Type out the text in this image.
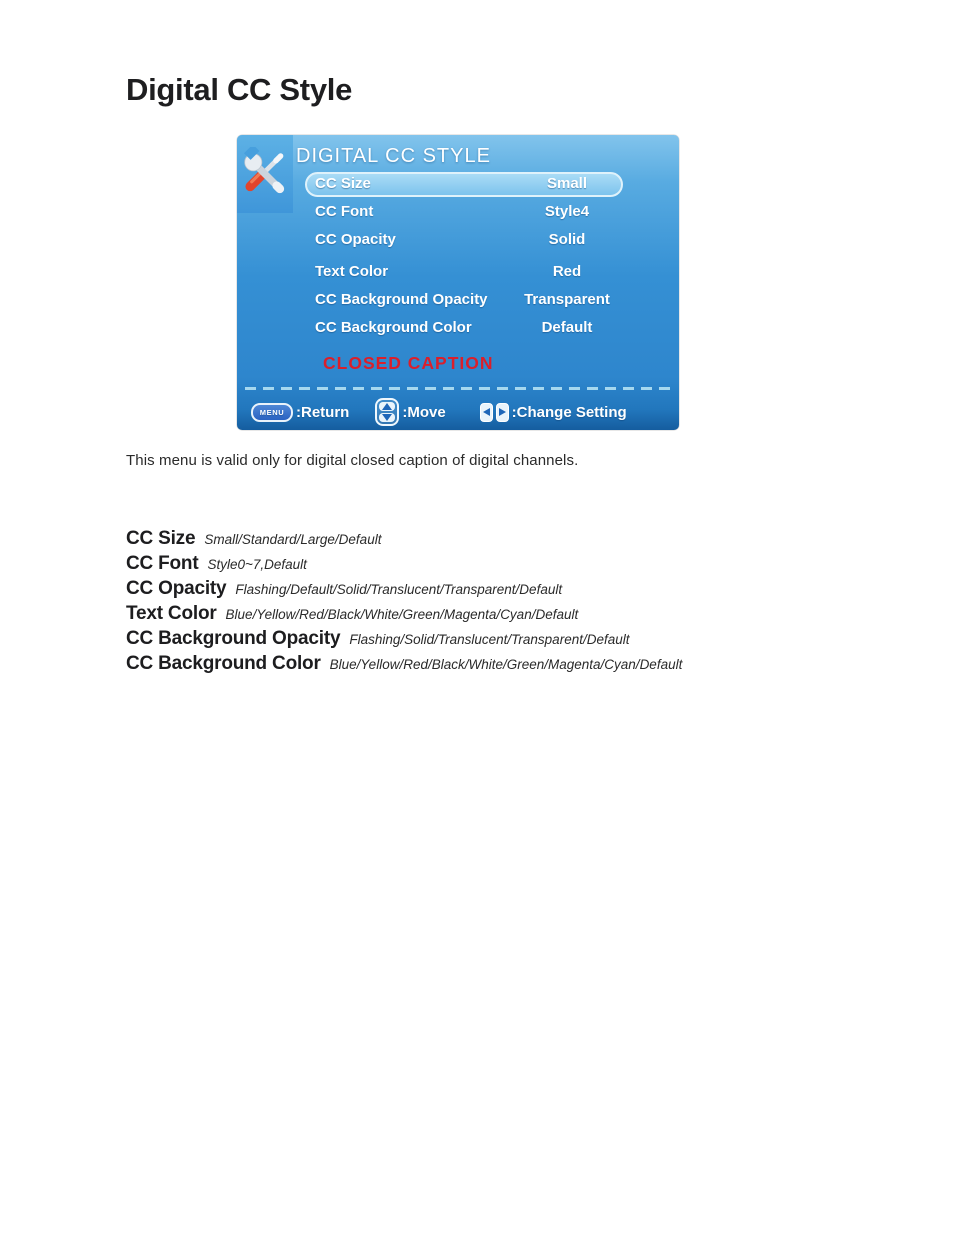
Digital CC Style
DIGITAL CC STYLE
CC Size	Small
CC Font	Style4
CC Opacity	Solid
Text Color	Red
CC Background Opacity	Transparent
CC Background Color	Default
CLOSED CAPTION
MENU :Return	:Move	:Change Setting
This menu is valid only for digital closed caption of digital channels.
CC Size Small/Standard/Large/Default
CC Font Style0~7,Default
CC Opacity Flashing/Default/Solid/Translucent/Transparent/Default
Text Color Blue/Yellow/Red/Black/White/Green/Magenta/Cyan/Default
CC Background Opacity Flashing/Solid/Translucent/Transparent/Default
CC Background Color Blue/Yellow/Red/Black/White/Green/Magenta/Cyan/Default
